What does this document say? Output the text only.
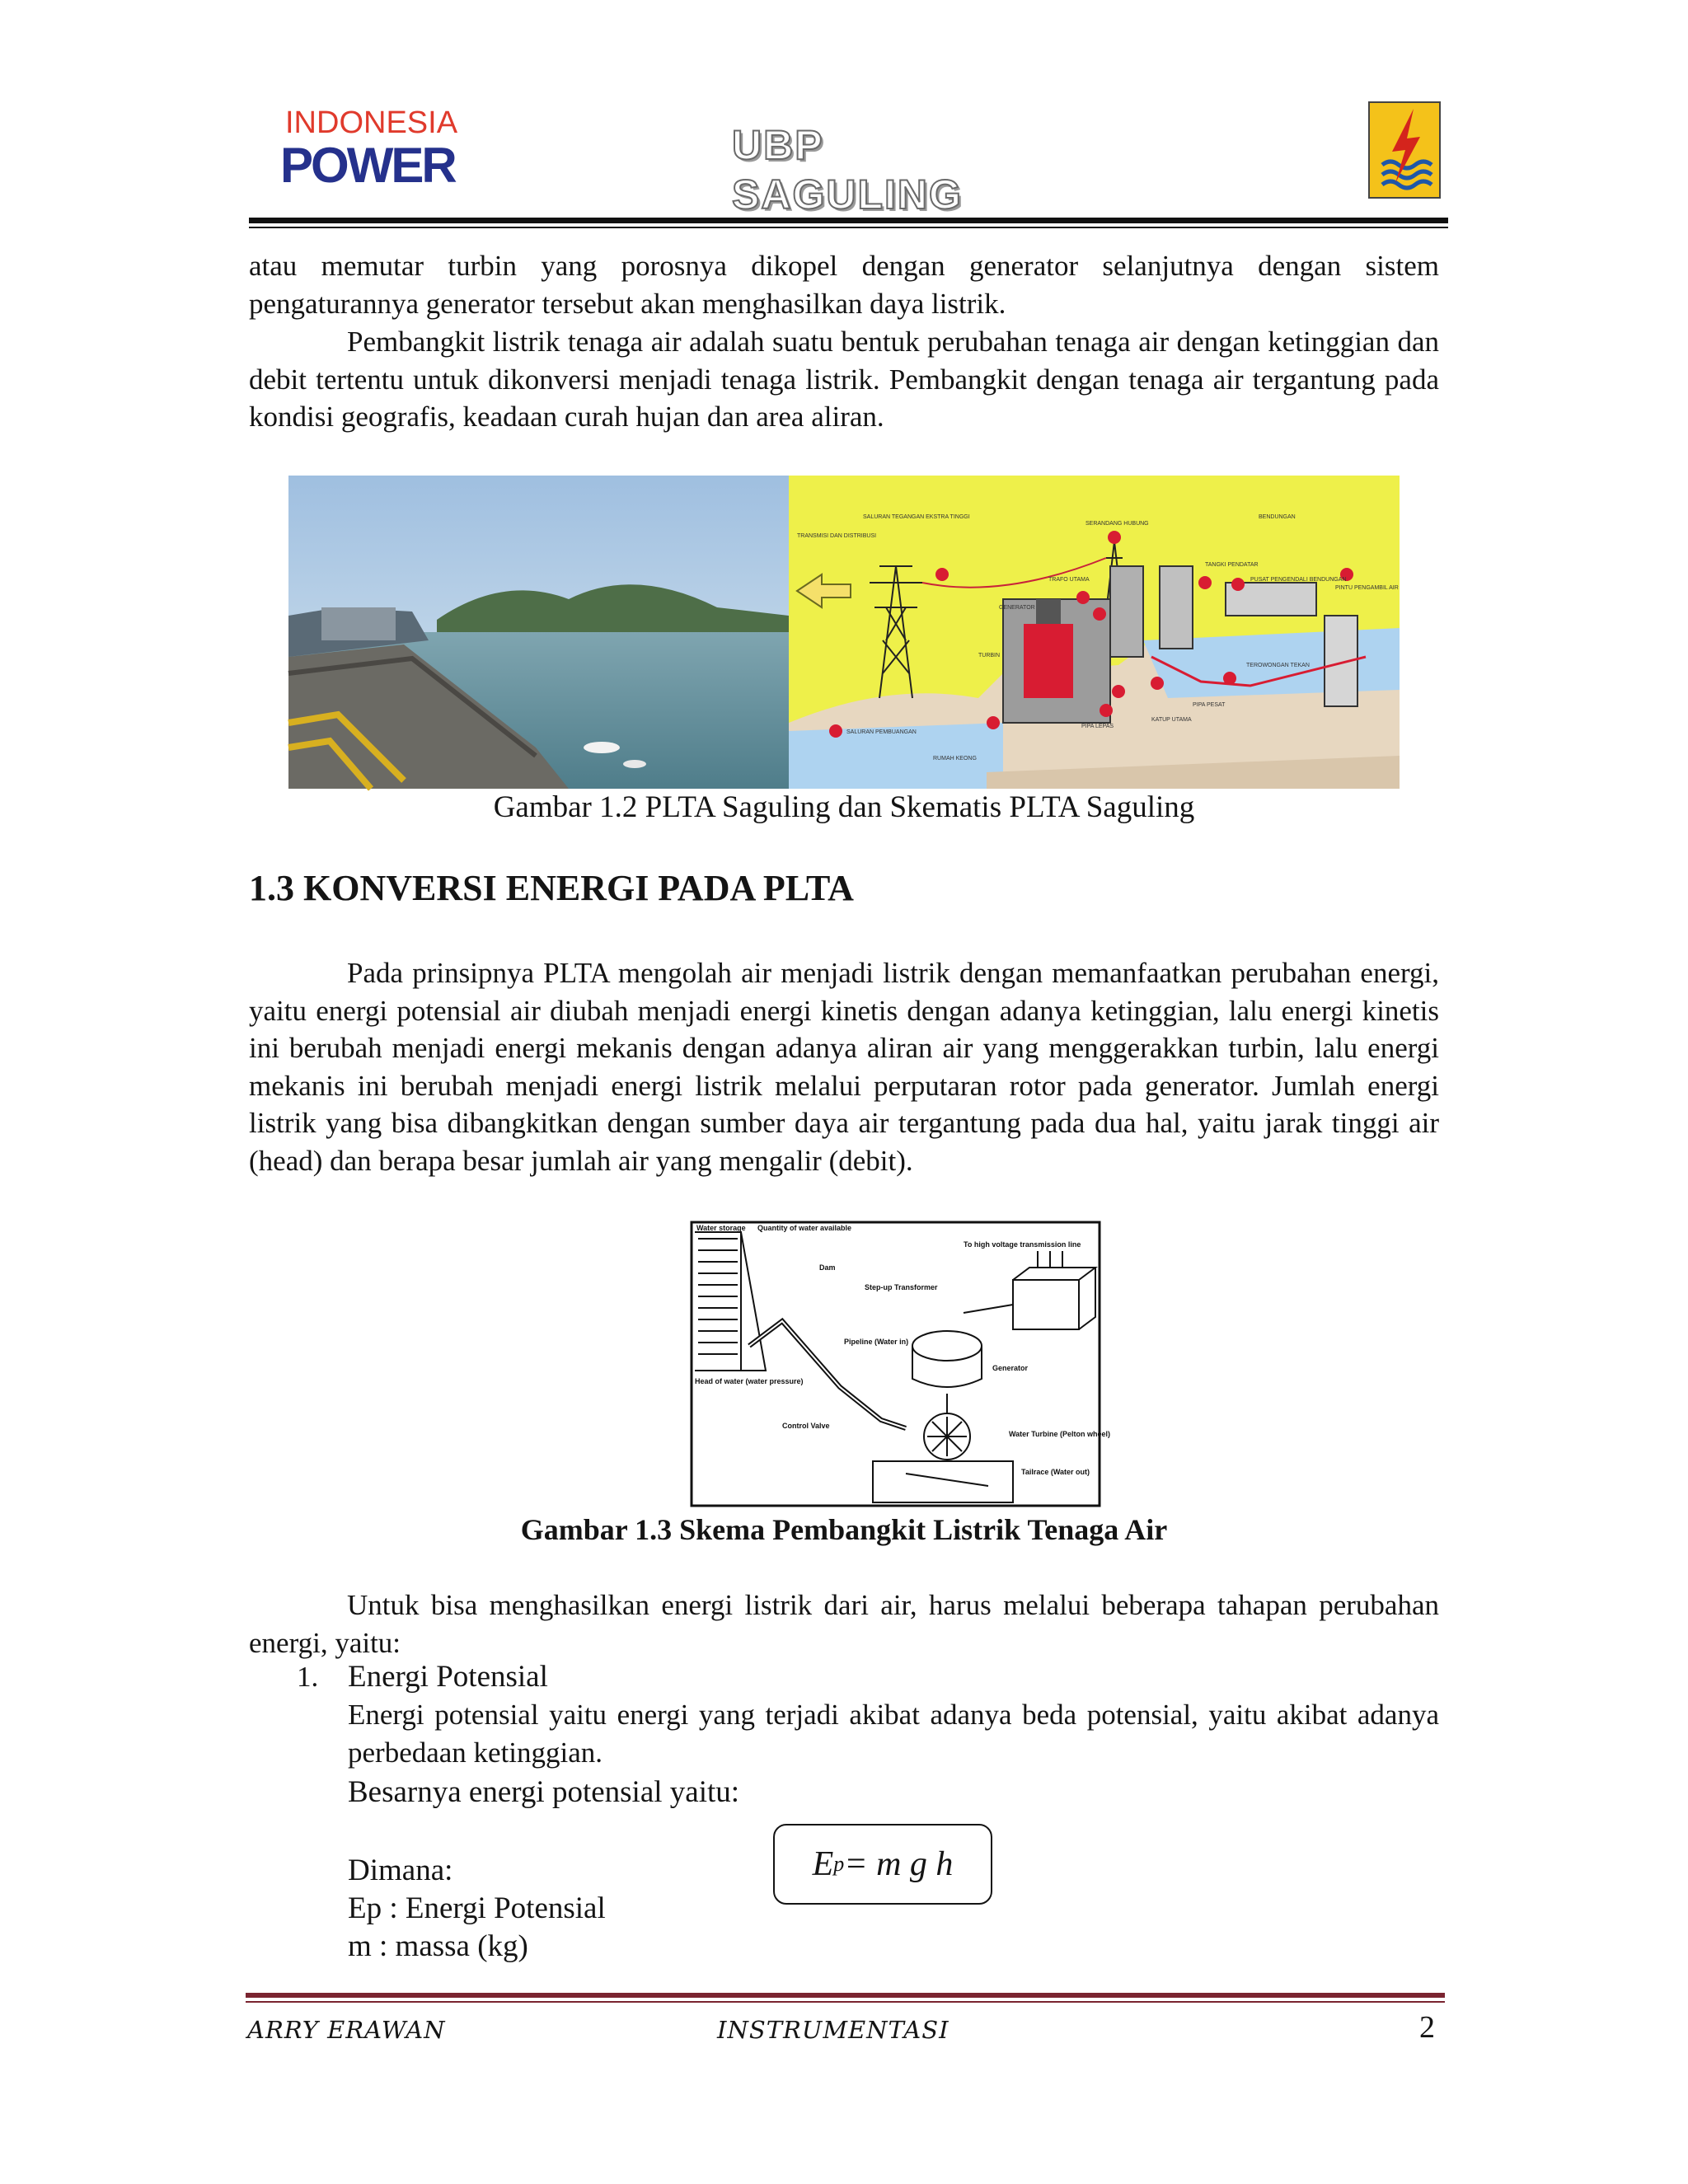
INDONESIA
POWER	UBP SAGULING

atau memutar turbin yang porosnya dikopel dengan generator selanjutnya dengan sistem pengaturannya generator tersebut akan menghasilkan daya listrik.

Pembangkit listrik tenaga air adalah suatu bentuk perubahan tenaga air dengan ketinggian dan debit tertentu untuk dikonversi menjadi tenaga listrik. Pembangkit dengan tenaga air tergantung pada kondisi geografis, keadaan curah hujan dan area aliran.

TRANSMISI DAN DISTRIBUSI
SALURAN TEGANGAN EKSTRA TINGGI
SERANDANG HUBUNG
BENDUNGAN
TRAFO UTAMA
TANGKI PENDATAR
PUSAT PENGENDALI BENDUNGAN
PINTU PENGAMBIL AIR
GENERATOR
TURBIN
TEROWONGAN TEKAN
PIPA PESAT
KATUP UTAMA
PIPA LEPAS
SALURAN PEMBUANGAN
RUMAH KEONG
Gambar 1.2 PLTA Saguling dan Skematis PLTA Saguling
1.3 KONVERSI ENERGI PADA PLTA

Pada prinsipnya PLTA mengolah air menjadi listrik dengan memanfaatkan perubahan energi, yaitu energi potensial air diubah menjadi energi kinetis dengan adanya ketinggian, lalu energi kinetis ini berubah menjadi energi mekanis dengan adanya aliran air yang menggerakkan turbin, lalu energi mekanis ini berubah menjadi energi listrik melalui perputaran rotor pada generator. Jumlah energi listrik yang bisa dibangkitkan dengan sumber daya air tergantung pada dua hal, yaitu jarak tinggi air (head) dan berapa besar jumlah air yang mengalir (debit).

Water storage Quantity of water available
To high voltage transmission line
Dam
Step-up Transformer
Pipeline (Water in)
Head of water (water pressure)
Generator
Control Valve
Water Turbine (Pelton wheel)
Tailrace (Water out)
Gambar 1.3 Skema Pembangkit Listrik Tenaga Air

Untuk bisa menghasilkan energi listrik dari air, harus melalui beberapa tahapan perubahan energi, yaitu:

1. Energi Potensial

Energi potensial yaitu energi yang terjadi akibat adanya beda potensial, yaitu akibat adanya perbedaan ketinggian.

Besarnya energi potensial yaitu:
E p = m g h
Dimana:
Ep : Energi Potensial
m : massa (kg)
ARRY ERAWAN	INSTRUMENTASI	2
